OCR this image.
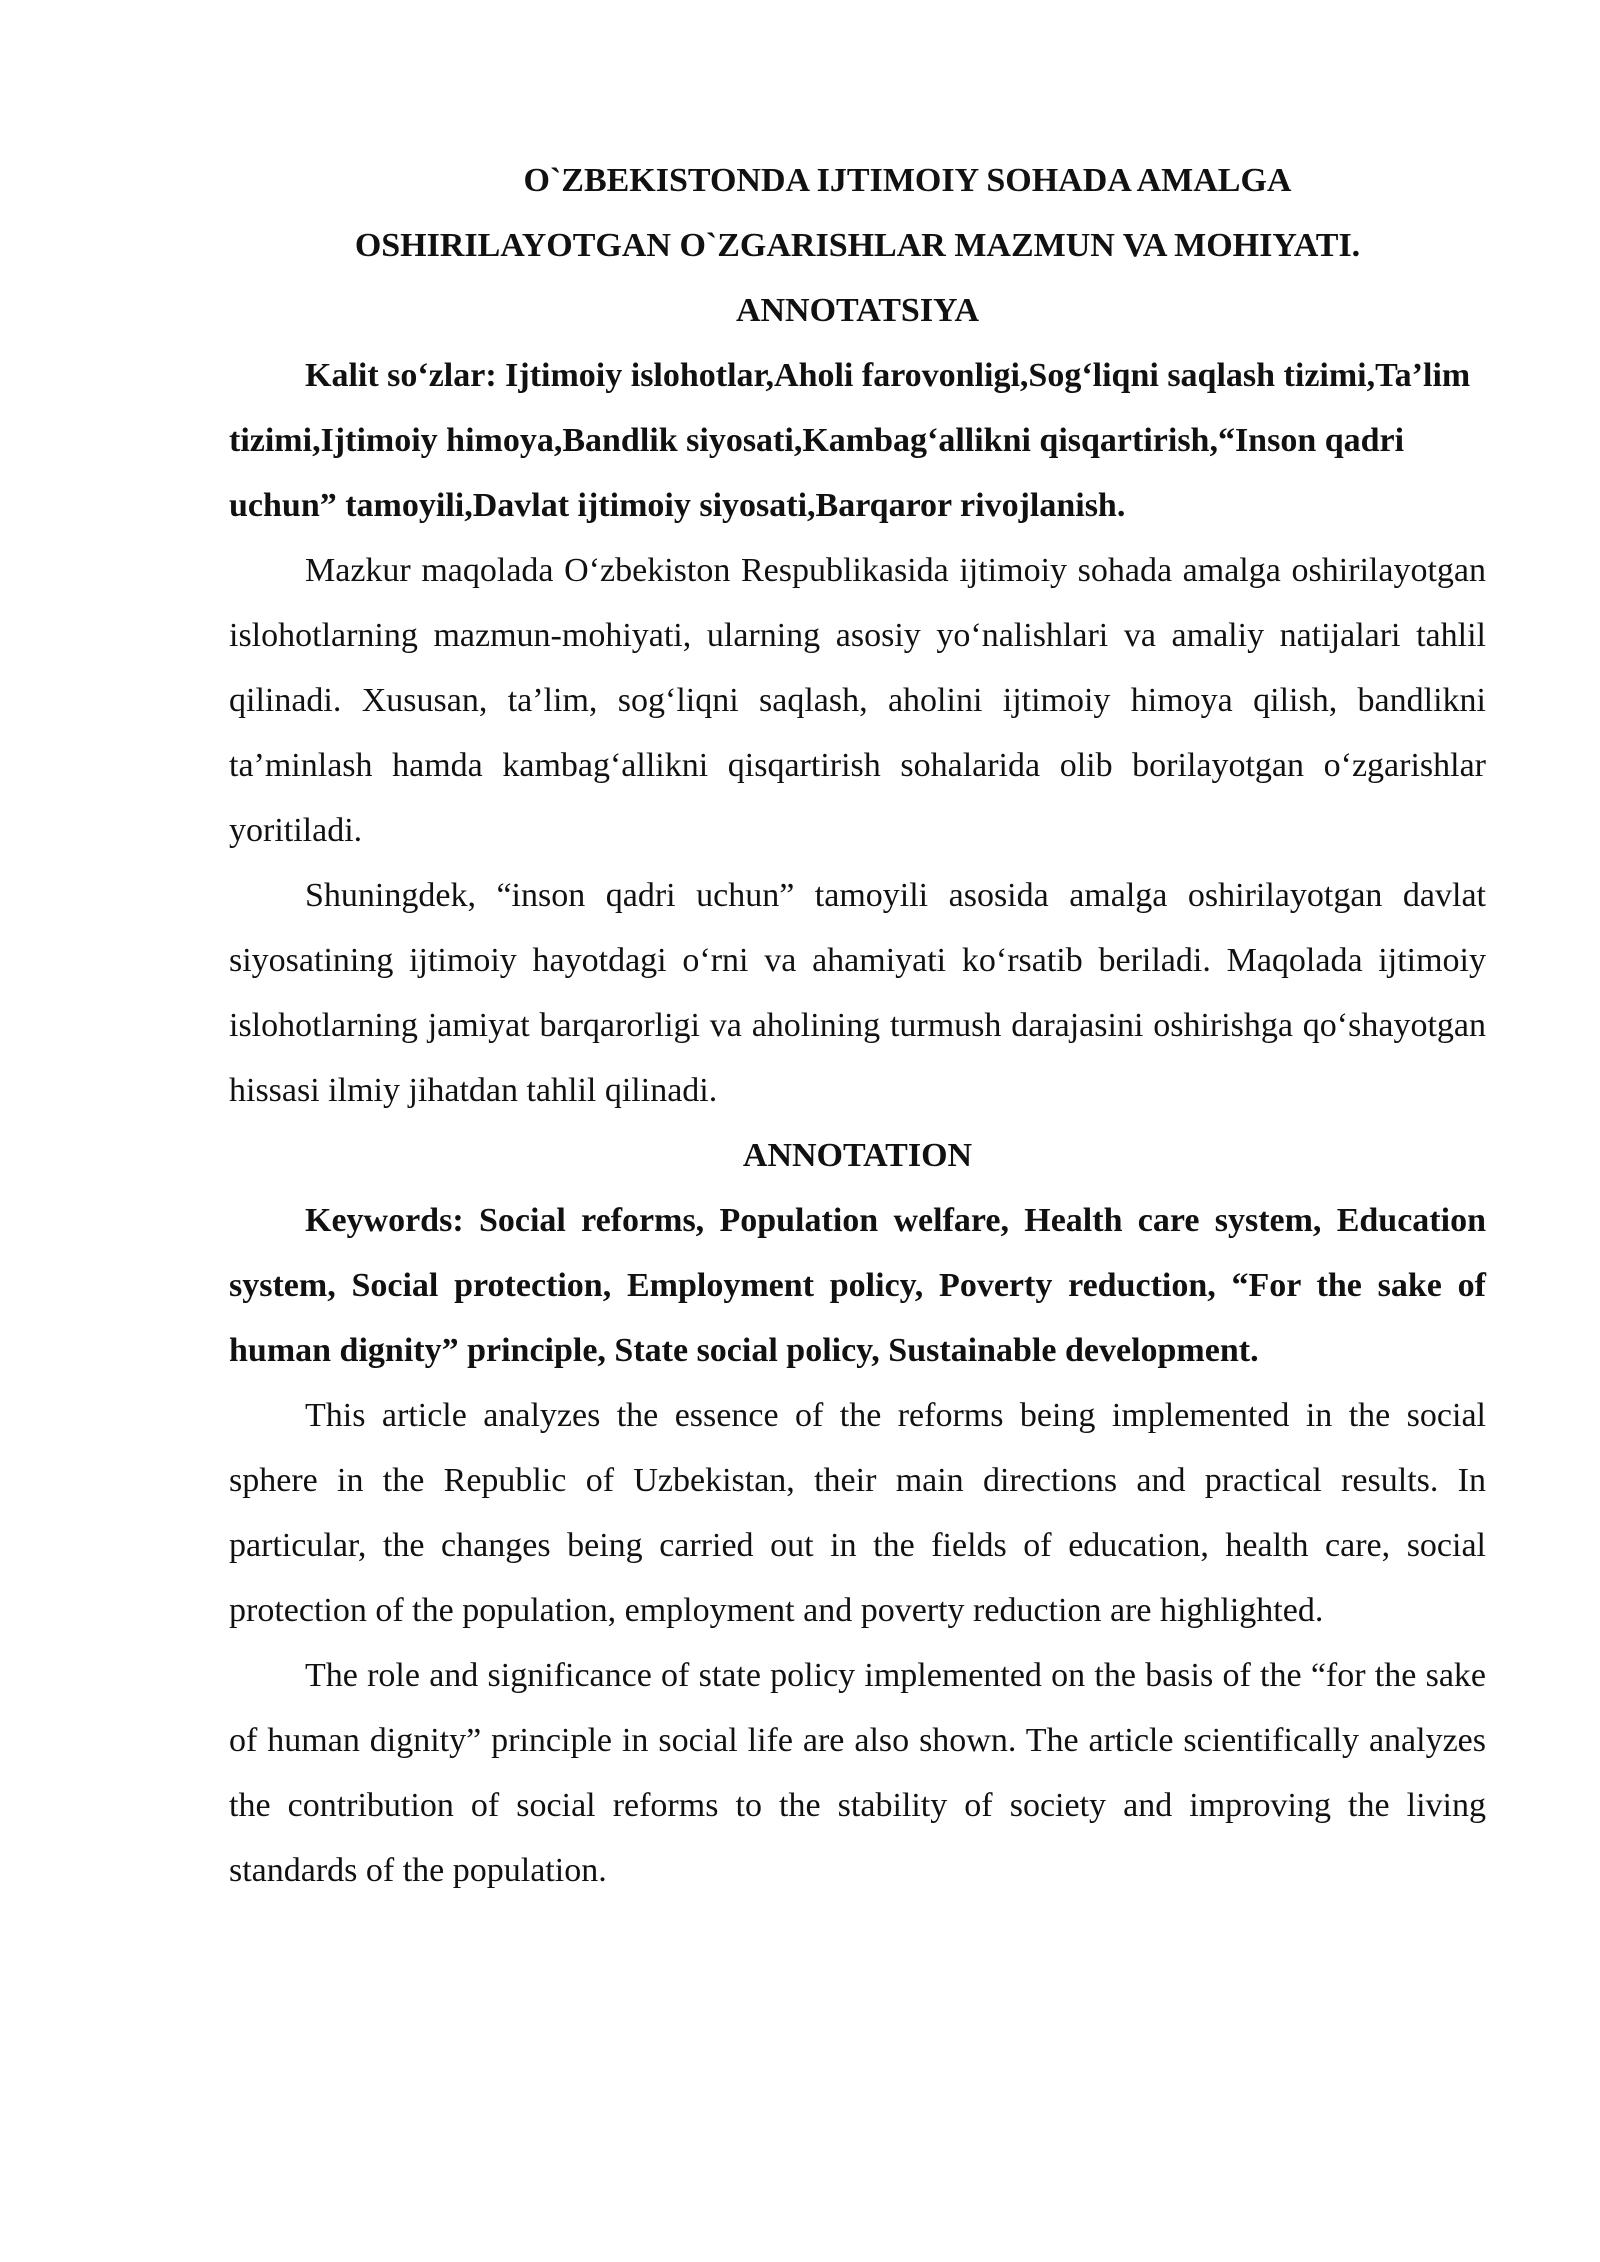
O`ZBEKISTONDA IJTIMOIY SOHADA AMALGA
OSHIRILAYOTGAN O`ZGARISHLAR MAZMUN VA MOHIYATI.
ANNOTATSIYA

Kalit so‘zlar: Ijtimoiy islohotlar,Aholi farovonligi,Sog‘liqni saqlash tizimi,Ta’lim tizimi,Ijtimoiy himoya,Bandlik siyosati,Kambag‘allikni qisqartirish,“Inson qadri uchun” tamoyili,Davlat ijtimoiy siyosati,Barqaror rivojlanish.

Mazkur maqolada O‘zbekiston Respublikasida ijtimoiy sohada amalga oshirilayotgan islohotlarning mazmun-mohiyati, ularning asosiy yo‘nalishlari va amaliy natijalari tahlil qilinadi. Xususan, ta’lim, sog‘liqni saqlash, aholini ijtimoiy himoya qilish, bandlikni ta’minlash hamda kambag‘allikni qisqartirish sohalarida olib borilayotgan o‘zgarishlar yoritiladi.

Shuningdek, “inson qadri uchun” tamoyili asosida amalga oshirilayotgan davlat siyosatining ijtimoiy hayotdagi o‘rni va ahamiyati ko‘rsatib beriladi. Maqolada ijtimoiy islohotlarning jamiyat barqarorligi va aholining turmush darajasini oshirishga qo‘shayotgan hissasi ilmiy jihatdan tahlil qilinadi.

ANNOTATION

Keywords: Social reforms, Population welfare, Health care system, Education system, Social protection, Employment policy, Poverty reduction, “For the sake of human dignity” principle, State social policy, Sustainable development.

This article analyzes the essence of the reforms being implemented in the social sphere in the Republic of Uzbekistan, their main directions and practical results. In particular, the changes being carried out in the fields of education, health care, social protection of the population, employment and poverty reduction are highlighted.

The role and significance of state policy implemented on the basis of the “for the sake of human dignity” principle in social life are also shown. The article scientifically analyzes the contribution of social reforms to the stability of society and improving the living standards of the population.
